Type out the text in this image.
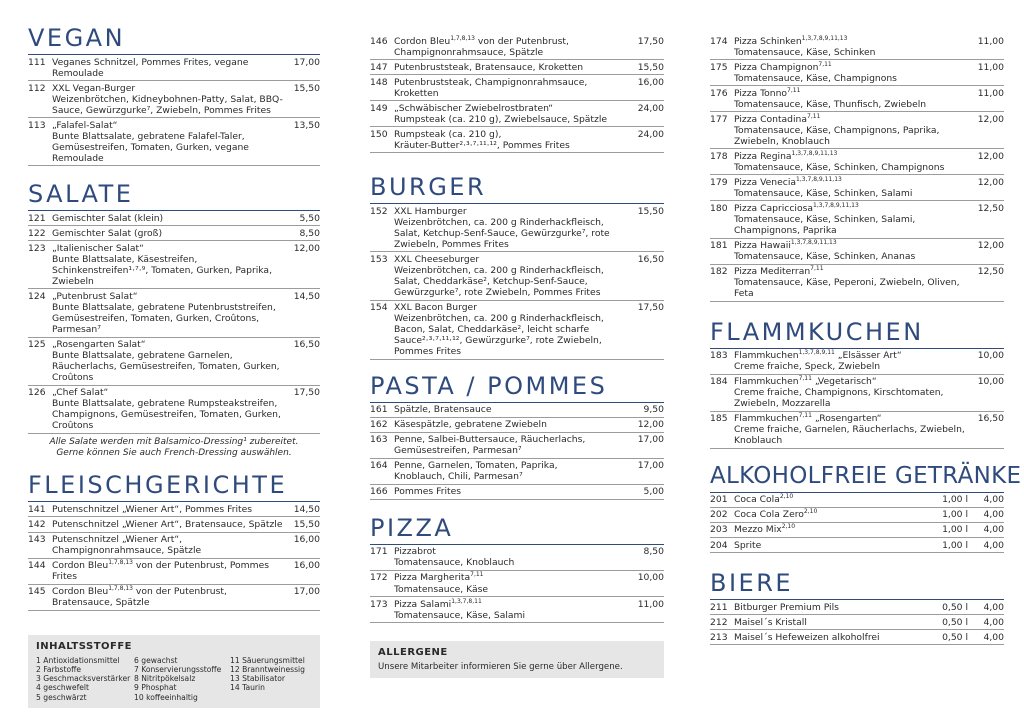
VEGAN
111 Veganes Schnitzel, Pommes Frites, vegane Remoulade
17,00
112 XXL Vegan-Burger
Weizenbrötchen, Kidneybohnen-Patty, Salat, BBQ-Sauce, Gewürzgurke⁷, Zwiebeln, Pommes Frites
15,50
113 „Falafel-Salat“
Bunte Blattsalate, gebratene Falafel-Taler, Gemüsestreifen, Tomaten, Gurken, vegane Remoulade
13,50
SALATE
121 Gemischter Salat (klein)	5,50
122 Gemischter Salat (groß)	8,50
123 „Italienischer Salat“
Bunte Blattsalate, Käsestreifen, Schinkenstreifen¹·⁷·⁹, Tomaten, Gurken, Paprika, Zwiebeln
12,00
124 „Putenbrust Salat“
Bunte Blattsalate, gebratene Putenbruststreifen, Gemüsestreifen, Tomaten, Gurken, Croûtons, Parmesan⁷
14,50
125 „Rosengarten Salat“
Bunte Blattsalate, gebratene Garnelen, Räucherlachs, Gemüsestreifen, Tomaten, Gurken, Croûtons
16,50
126 „Chef Salat“
Bunte Blattsalate, gebratene Rumpsteakstreifen, Champignons, Gemüsestreifen, Tomaten, Gurken, Croûtons
17,50
Alle Salate werden mit Balsamico-Dressing¹ zubereitet.
Gerne können Sie auch French-Dressing auswählen.
FLEISCHGERICHTE
141 Putenschnitzel „Wiener Art“, Pommes Frites	14,50
142 Putenschnitzel „Wiener Art“, Bratensauce, Spätzle	15,50
143 Putenschnitzel „Wiener Art“,
Champignonrahmsauce, Spätzle
16,00
144 Cordon Bleu$^{1,7,8,13}$ von der Putenbrust, Pommes Frites
16,00
145 Cordon Bleu$^{1,7,8,13}$ von der Putenbrust,
Bratensauce, Spätzle
17,00
INHALTSSTOFFE
1 Antioxidationsmittel
2 Farbstoffe
3 Geschmacksverstärker
4 geschwefelt
5 geschwärzt
6 gewachst
7 Konservierungsstoffe
8 Nitritpökelsalz
9 Phosphat
10 koffeeinhaltig
11 Säuerungsmittel
12 Branntweinessig
13 Stabilisator
14 Taurin
146 Cordon Bleu$^{1,7,8,13}$ von der Putenbrust,
Champignonrahmsauce, Spätzle
17,50
147 Putenbruststeak, Bratensauce, Kroketten	15,50
148 Putenbruststeak, Champignonrahmsauce, Kroketten
16,00
149 „Schwäbischer Zwiebelrostbraten“
Rumpsteak (ca. 210 g), Zwiebelsauce, Spätzle
24,00
150 Rumpsteak (ca. 210 g),
Kräuter-Butter²·³·⁷·¹¹·¹², Pommes Frites
24,00
BURGER
152 XXL Hamburger
Weizenbrötchen, ca. 200 g Rinderhackfleisch, Salat, Ketchup-Senf-Sauce, Gewürzgurke⁷, rote Zwiebeln, Pommes Frites
15,50
153 XXL Cheeseburger
Weizenbrötchen, ca. 200 g Rinderhackfleisch, Salat, Cheddarkäse², Ketchup-Senf-Sauce, Gewürzgurke⁷, rote Zwiebeln, Pommes Frites
16,50
154 XXL Bacon Burger
Weizenbrötchen, ca. 200 g Rinderhackfleisch, Bacon, Salat, Cheddarkäse², leicht scharfe Sauce²·³·⁷·¹¹·¹², Gewürzgurke⁷, rote Zwiebeln, Pommes Frites
17,50
PASTA / POMMES
161 Spätzle, Bratensauce	9,50
162 Käsespätzle, gebratene Zwiebeln	12,00
163 Penne, Salbei-Buttersauce, Räucherlachs,
Gemüsestreifen, Parmesan⁷
17,00
164 Penne, Garnelen, Tomaten, Paprika,
Knoblauch, Chili, Parmesan⁷
17,00
166 Pommes Frites	5,00
PIZZA
171 Pizzabrot
Tomatensauce, Knoblauch
8,50
172 Pizza Margherita$^{7,11}$
Tomatensauce, Käse
10,00
173 Pizza Salami$^{1,3,7,8,11}$
Tomatensauce, Käse, Salami
11,00
ALLERGENE
Unsere Mitarbeiter informieren Sie gerne über Allergene.
174 Pizza Schinken$^{1,3,7,8,9,11,13}$
Tomatensauce, Käse, Schinken
11,00
175 Pizza Champignon$^{7,11}$
Tomatensauce, Käse, Champignons
11,00
176 Pizza Tonno$^{7,11}$
Tomatensauce, Käse, Thunfisch, Zwiebeln
11,00
177 Pizza Contadina$^{7,11}$
Tomatensauce, Käse, Champignons, Paprika, Zwiebeln, Knoblauch
12,00
178 Pizza Regina$^{1,3,7,8,9,11,13}$
Tomatensauce, Käse, Schinken, Champignons
12,00
179 Pizza Venecia$^{1,3,7,8,9,11,13}$
Tomatensauce, Käse, Schinken, Salami
12,00
180 Pizza Capricciosa$^{1,3,7,8,9,11,13}$
Tomatensauce, Käse, Schinken, Salami, Champignons, Paprika
12,50
181 Pizza Hawaii$^{1,3,7,8,9,11,13}$
Tomatensauce, Käse, Schinken, Ananas
12,00
182 Pizza Mediterran$^{7,11}$
Tomatensauce, Käse, Peperoni, Zwiebeln, Oliven, Feta
12,50
FLAMMKUCHEN
183 Flammkuchen$^{1,3,7,8,9,11}$ „Elsässer Art“
Creme fraiche, Speck, Zwiebeln
10,00
184 Flammkuchen$^{7,11}$ „Vegetarisch“
Creme fraiche, Champignons, Kirschtomaten, Zwiebeln, Mozzarella
10,00
185 Flammkuchen$^{7,11}$ „Rosengarten“
Creme fraiche, Garnelen, Räucherlachs, Zwiebeln, Knoblauch
16,50
ALKOHOLFREIE GETRÄNKE
201 Coca Cola$^{2,10}$	1,00 l	4,00
202 Coca Cola Zero$^{2,10}$	1,00 l	4,00
203 Mezzo Mix$^{2,10}$	1,00 l	4,00
204 Sprite	1,00 l	4,00
BIERE
211 Bitburger Premium Pils	0,50 l	4,00
212 Maisel´s Kristall	0,50 l	4,00
213 Maisel´s Hefeweizen alkoholfrei	0,50 l	4,00
